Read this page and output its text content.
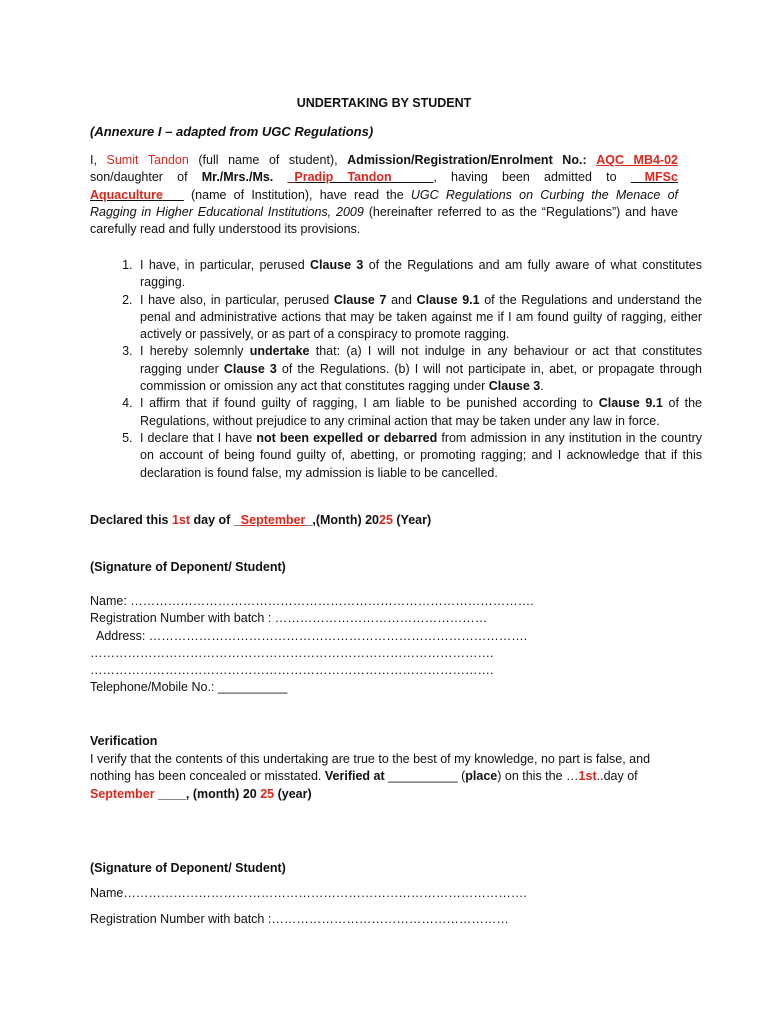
UNDERTAKING BY STUDENT
(Annexure I – adapted from UGC Regulations)
I, Sumit Tandon (full name of student), Admission/Registration/Enrolment No.: AQC MB4-02 son/daughter of Mr./Mrs./Ms. _Pradip Tandon______, having been admitted to __MFSc Aquaculture___ (name of Institution), have read the UGC Regulations on Curbing the Menace of Ragging in Higher Educational Institutions, 2009 (hereinafter referred to as the “Regulations”) and have carefully read and fully understood its provisions.
1. I have, in particular, perused Clause 3 of the Regulations and am fully aware of what constitutes ragging.
2. I have also, in particular, perused Clause 7 and Clause 9.1 of the Regulations and understand the penal and administrative actions that may be taken against me if I am found guilty of ragging, either actively or passively, or as part of a conspiracy to promote ragging.
3. I hereby solemnly undertake that: (a) I will not indulge in any behaviour or act that constitutes ragging under Clause 3 of the Regulations. (b) I will not participate in, abet, or propagate through commission or omission any act that constitutes ragging under Clause 3.
4. I affirm that if found guilty of ragging, I am liable to be punished according to Clause 9.1 of the Regulations, without prejudice to any criminal action that may be taken under any law in force.
5. I declare that I have not been expelled or debarred from admission in any institution in the country on account of being found guilty of, abetting, or promoting ragging; and I acknowledge that if this declaration is found false, my admission is liable to be cancelled.
Declared this 1st day of _September_,(Month) 2025 (Year)
(Signature of Deponent/ Student)
Name: …………………………………………………………………………………….
Registration Number with batch : ……………………………………………
Address: ……………………………………………………………………………….
…………………………………………………………………………………….
…………………………………………………………………………………….
Telephone/Mobile No.: __________
Verification
I verify that the contents of this undertaking are true to the best of my knowledge, no part is false, and nothing has been concealed or misstated. Verified at __________ (place) on this the …1st..day of
September ____, (month) 20 25 (year)
(Signature of Deponent/ Student)
Name…………………………………………………………………………………….
Registration Number with batch :…………………………………………………
